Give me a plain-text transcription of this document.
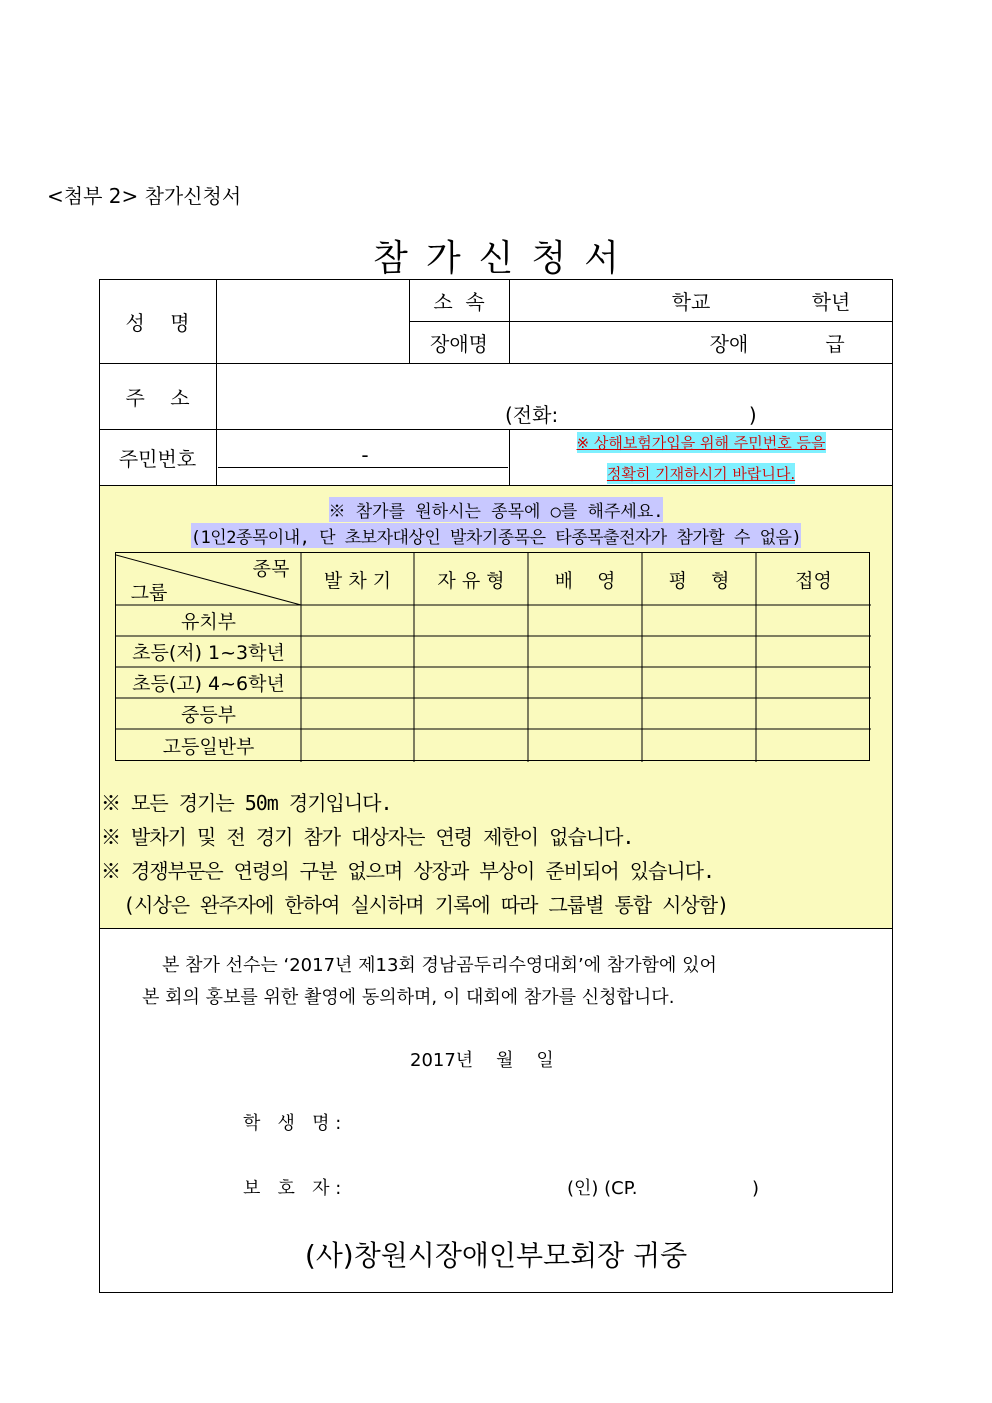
<첨부 2> 참가신청서
참가신청서
성    명
소  속	학교	학년
장애명	장애	급
주    소
(전화:                              )
주민번호	-
※ 상해보험가입을 위해 주민번호 등을
정확히 기재하시기 바랍니다.
※ 참가를 원하시는 종목에 ○를 해주세요.
(1인2종목이내, 단 초보자대상인 발차기종목은 타종목출전자가 참가할 수 없음)
종목
그룹
발 차 기	자 유 형	배    영	평    형	접영
유치부
초등(저) 1~3학년
초등(고) 4~6학년
중등부
고등일반부
※ 모든 경기는 50m 경기입니다.
※ 발차기 및 전 경기 참가 대상자는 연령 제한이 없습니다.
※ 경쟁부문은 연령의 구분 없으며 상장과 부상이 준비되어 있습니다.
(시상은 완주자에 한하여 실시하며 기록에 따라 그룹별 통합 시상함)
본 참가 선수는 ‘2017년 제13회 경남곰두리수영대회’에 참가함에 있어
본 회의 홍보를 위한 촬영에 동의하며, 이 대회에 참가를 신청합니다.
2017년    월    일
학   생   명 :
보   호   자 :	(인) (CP.                    )
(사)창원시장애인부모회장 귀중
